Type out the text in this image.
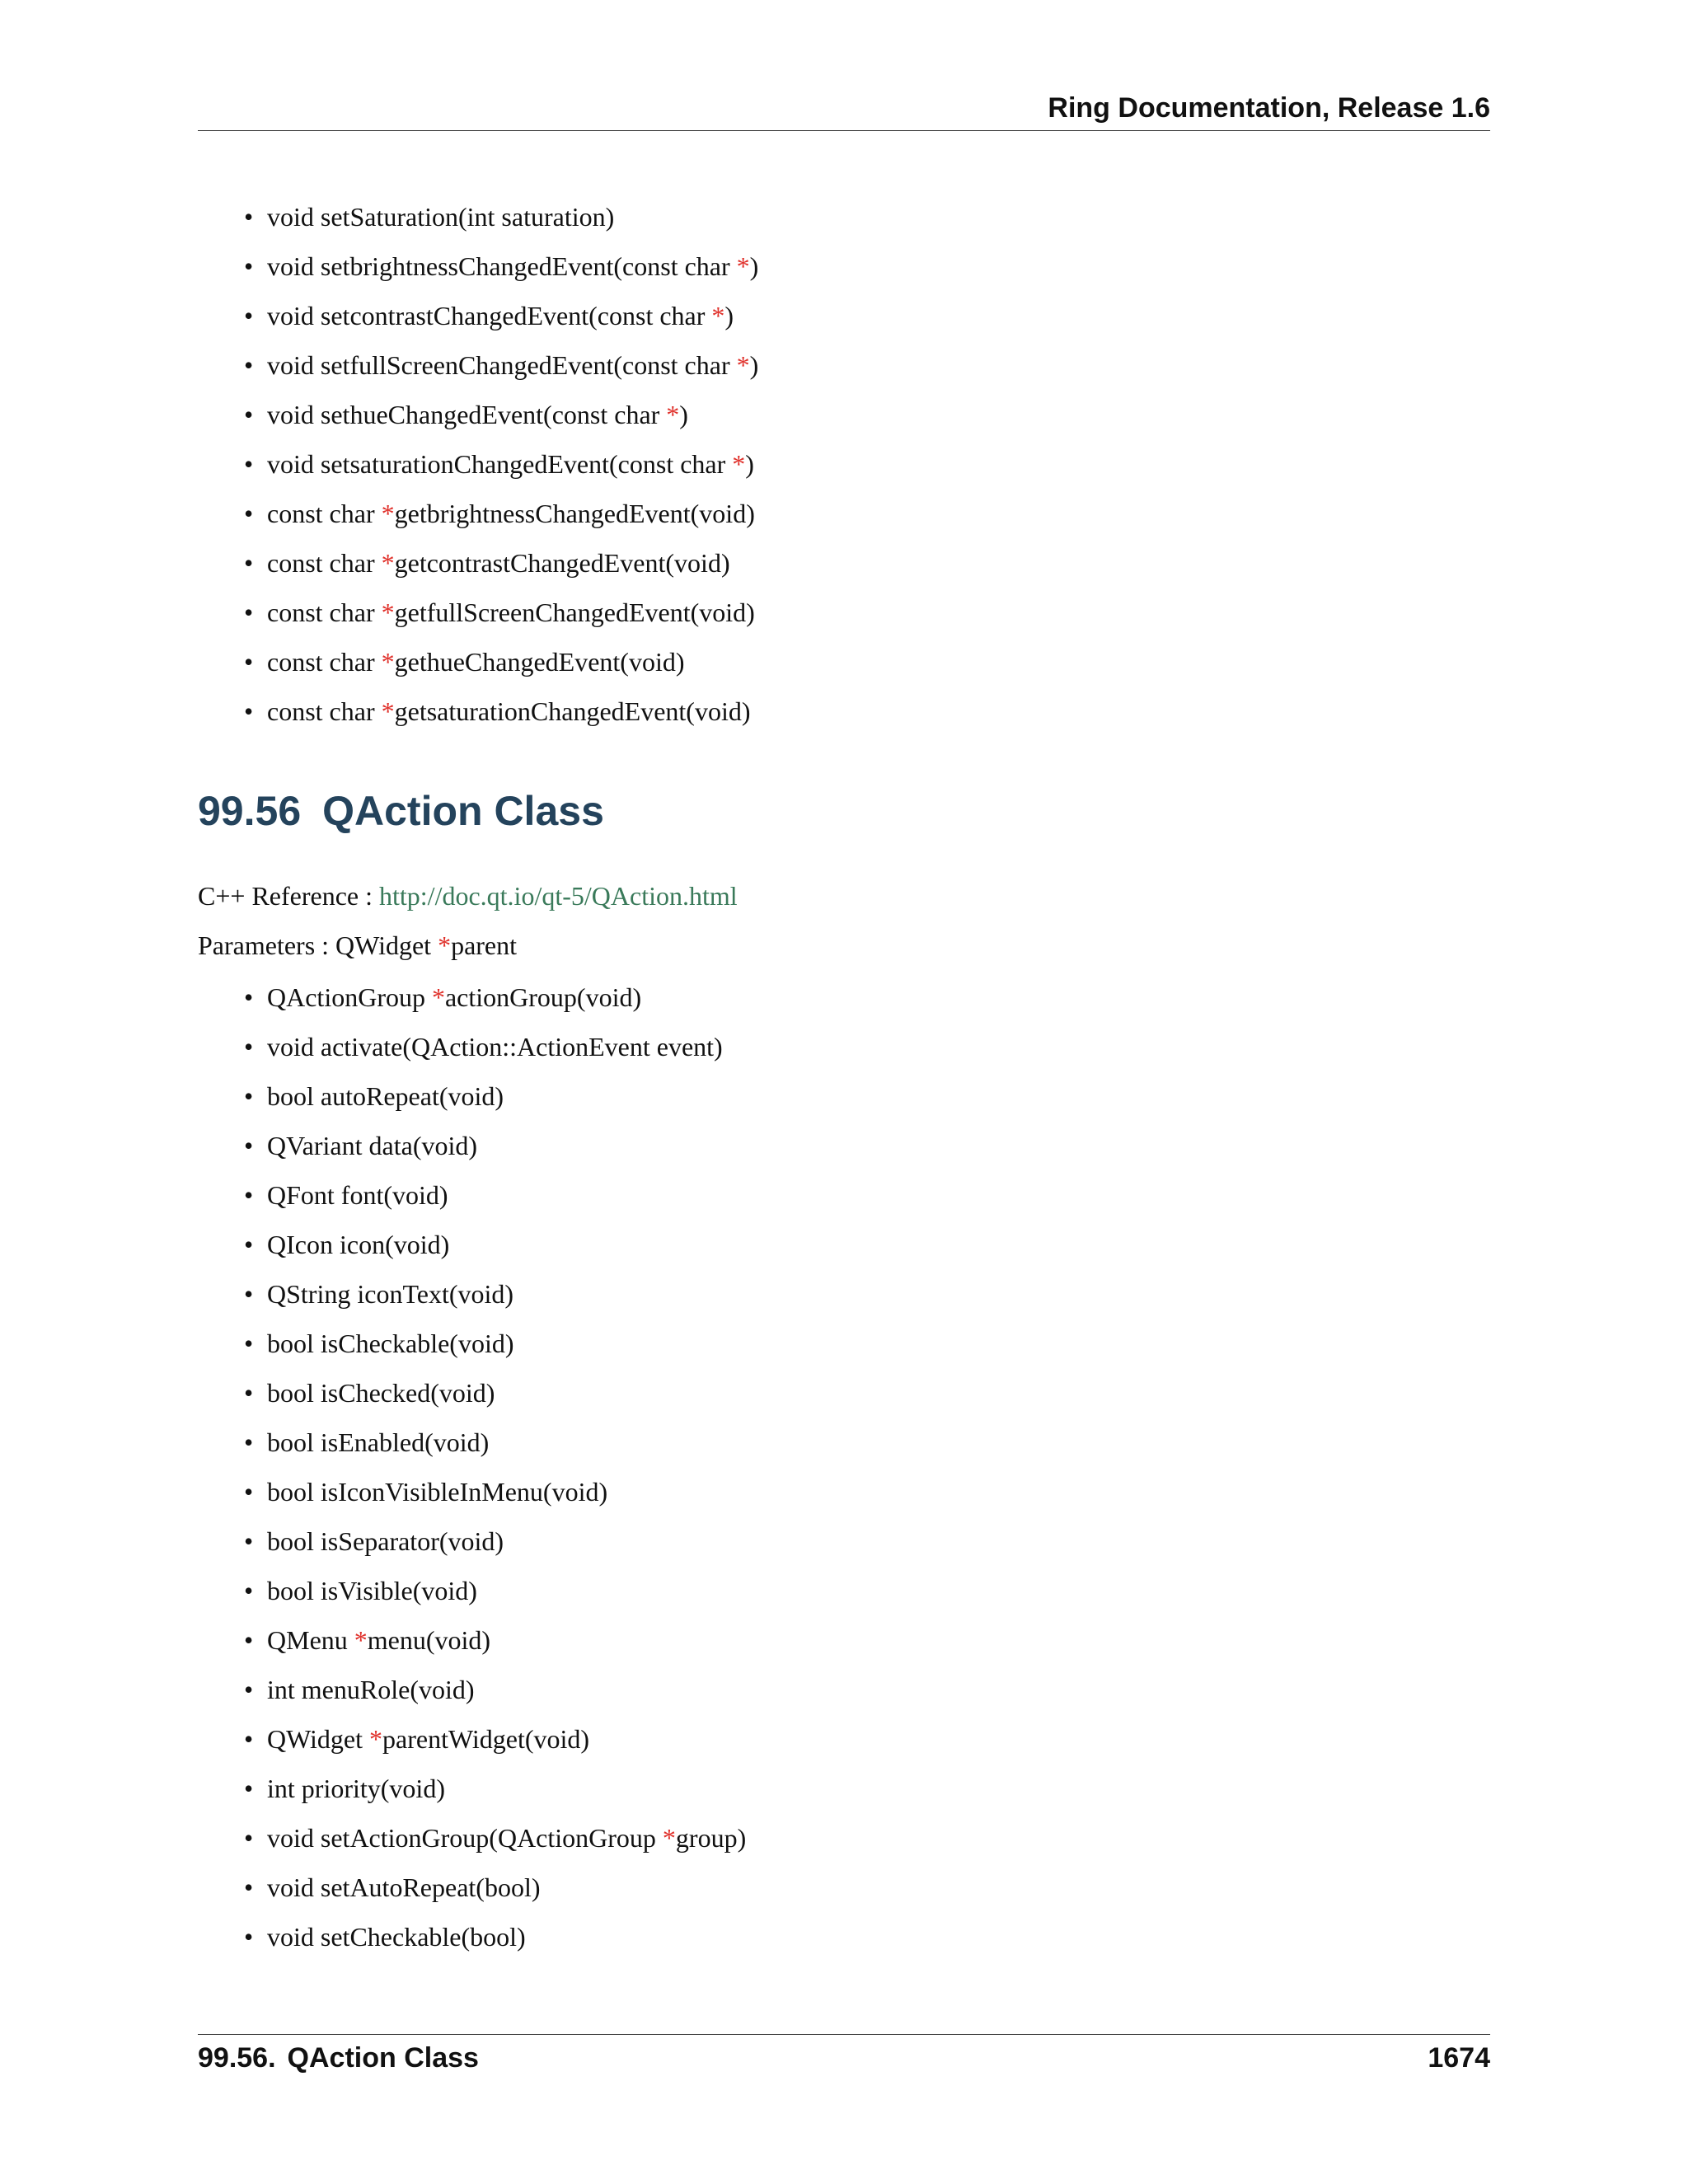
Ring Documentation, Release 1.6
• void setSaturation(int saturation)
• void setbrightnessChangedEvent(const char *)
• void setcontrastChangedEvent(const char *)
• void setfullScreenChangedEvent(const char *)
• void sethueChangedEvent(const char *)
• void setsaturationChangedEvent(const char *)
• const char *getbrightnessChangedEvent(void)
• const char *getcontrastChangedEvent(void)
• const char *getfullScreenChangedEvent(void)
• const char *gethueChangedEvent(void)
• const char *getsaturationChangedEvent(void)
99.56 QAction Class
C++ Reference : http://doc.qt.io/qt-5/QAction.html
Parameters : QWidget *parent
• QActionGroup *actionGroup(void)
• void activate(QAction::ActionEvent event)
• bool autoRepeat(void)
• QVariant data(void)
• QFont font(void)
• QIcon icon(void)
• QString iconText(void)
• bool isCheckable(void)
• bool isChecked(void)
• bool isEnabled(void)
• bool isIconVisibleInMenu(void)
• bool isSeparator(void)
• bool isVisible(void)
• QMenu *menu(void)
• int menuRole(void)
• QWidget *parentWidget(void)
• int priority(void)
• void setActionGroup(QActionGroup *group)
• void setAutoRepeat(bool)
• void setCheckable(bool)
99.56. QAction Class	1674
